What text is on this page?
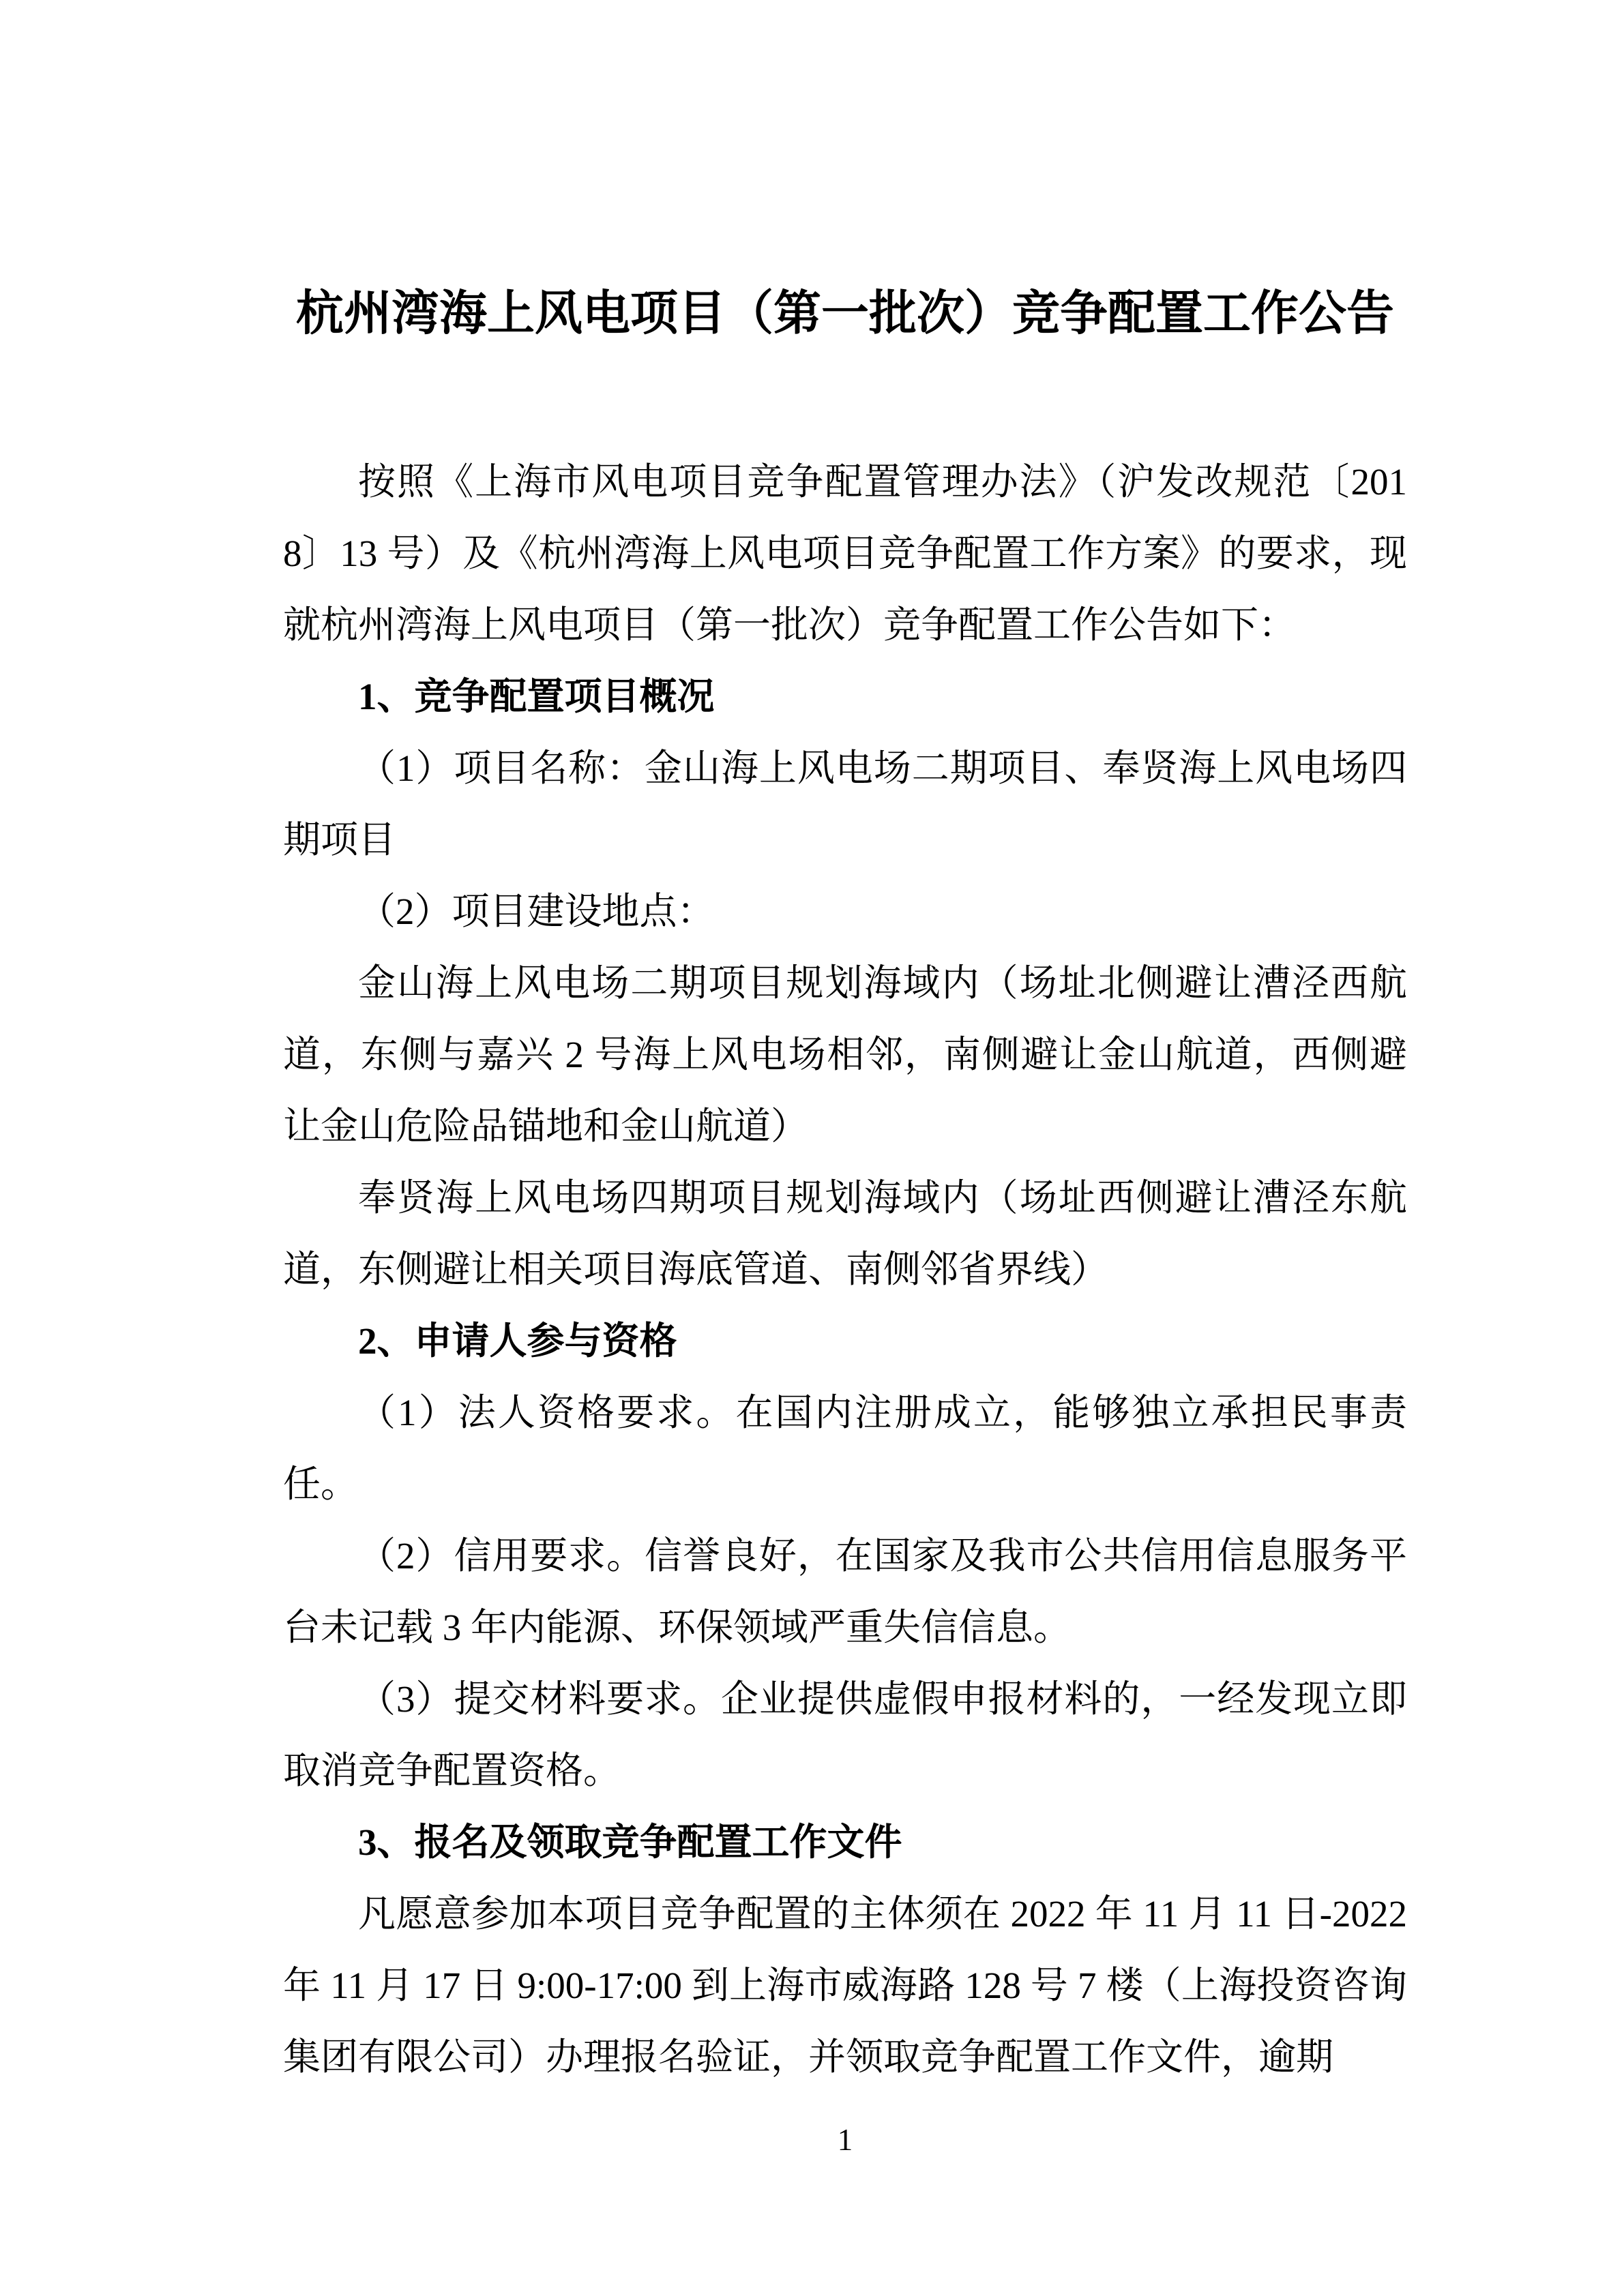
杭州湾海上风电项目（第一批次）竞争配置工作公告

按照《上海市风电项目竞争配置管理办法》（沪发改规范〔2018〕13 号）及《杭州湾海上风电项目竞争配置工作方案》的要求，现就杭州湾海上风电项目（第一批次）竞争配置工作公告如下：

1、竞争配置项目概况

（1）项目名称：金山海上风电场二期项目、奉贤海上风电场四期项目

（2）项目建设地点：

金山海上风电场二期项目规划海域内（场址北侧避让漕泾西航道，东侧与嘉兴 2 号海上风电场相邻，南侧避让金山航道，西侧避让金山危险品锚地和金山航道）

奉贤海上风电场四期项目规划海域内（场址西侧避让漕泾东航道，东侧避让相关项目海底管道、南侧邻省界线）

2、申请人参与资格

（1）法人资格要求。在国内注册成立，能够独立承担民事责任。

（2）信用要求。信誉良好，在国家及我市公共信用信息服务平台未记载 3 年内能源、环保领域严重失信信息。

（3）提交材料要求。企业提供虚假申报材料的，一经发现立即取消竞争配置资格。

3、报名及领取竞争配置工作文件

凡愿意参加本项目竞争配置的主体须在 2022 年 11 月 11 日-2022 年 11 月 17 日 9:00-17:00 到上海市威海路 128 号 7 楼（上海投资咨询集团有限公司）办理报名验证，并领取竞争配置工作文件，逾期

1
